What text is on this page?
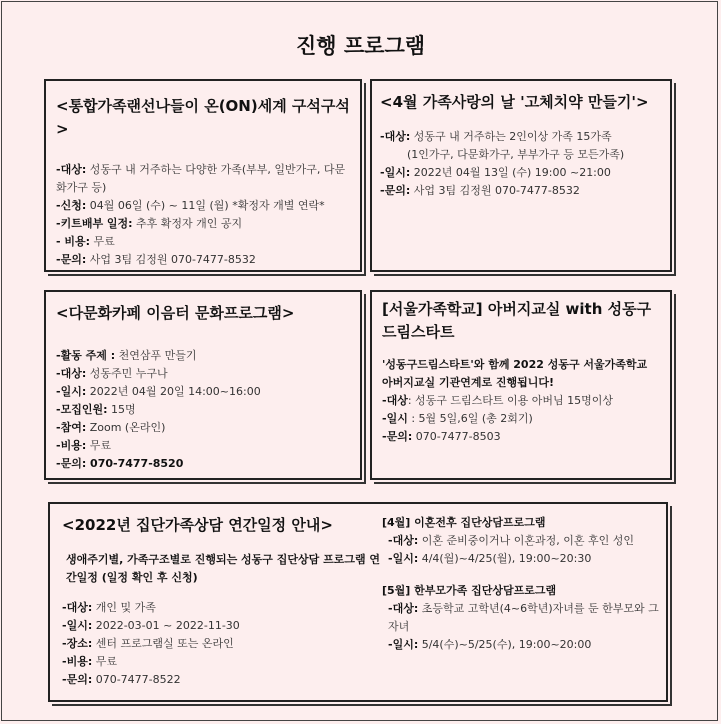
진행 프로그램
<통합가족랜선나들이 온(ON)세계 구석구석>
-대상: 성동구 내 거주하는 다양한 가족(부부, 일반가구, 다문화가구 등)
-신청: 04월 06일 (수) ~ 11일 (월) *확정자 개별 연락*
-키트배부 일정: 추후 확정자 개인 공지
- 비용: 무료
-문의: 사업 3팀 김정원 070-7477-8532
<4월 가족사랑의 날 '고체치약 만들기'>
-대상: 성동구 내 거주하는 2인이상 가족 15가족
(1인가구, 다문화가구, 부부가구 등 모든가족)
-일시: 2022년 04월 13일 (수) 19:00 ~21:00
-문의: 사업 3팀 김정원 070-7477-8532
<다문화카페 이음터 문화프로그램>
-활동 주제 : 천연삼푸 만들기
-대상: 성동주민 누구나
-일시: 2022년 04월 20일 14:00~16:00
-모집인원: 15명
-참여: Zoom (온라인)
-비용: 무료
-문의: 070-7477-8520
[서울가족학교] 아버지교실 with 성동구 드림스타트
'성동구드림스타트'와 함께 2022 성동구 서울가족학교 아버지교실 기관연계로 진행됩니다!
-대상: 성동구 드림스타트 이용 아버님 15명이상
-일시 : 5월 5일,6일 (총 2회기)
-문의: 070-7477-8503
<2022년 집단가족상담 연간일정 안내>
생애주기별, 가족구조별로 진행되는 성동구 집단상담 프로그램 연간일정 (일정 확인 후 신청)
-대상: 개인 및 가족
-일시: 2022-03-01 ~ 2022-11-30
-장소: 센터 프로그램실 또는 온라인
-비용: 무료
-문의: 070-7477-8522
[4월] 이혼전후 집단상담프로그램
-대상: 이혼 준비중이거나 이혼과정, 이혼 후인 성인
-일시: 4/4(월)~4/25(월), 19:00~20:30
[5월] 한부모가족 집단상담프로그램
-대상: 초등학교 고학년(4~6학년)자녀를 둔 한부모와 그 자녀
-일시: 5/4(수)~5/25(수), 19:00~20:00
